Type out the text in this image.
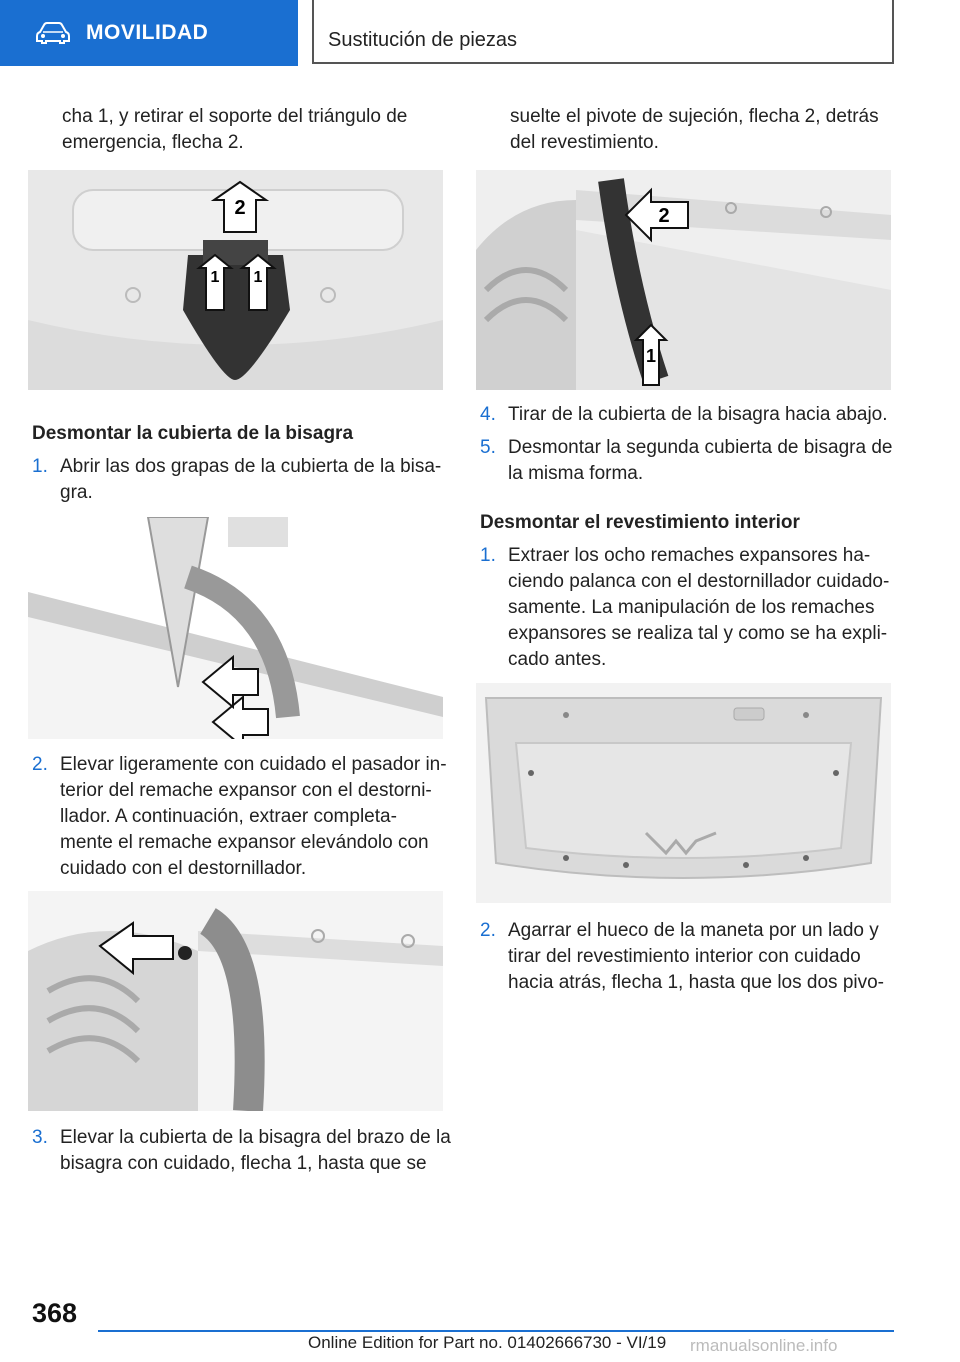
MOVILIDAD	Sustitución de piezas
cha 1, y retirar el soporte del triángulo de
emergencia, flecha 2.
2
1 1
Desmontar la cubierta de la bisagra
1. Abrir las dos grapas de la cubierta de la bisa-
gra.
2. Elevar ligeramente con cuidado el pasador in-
terior del remache expansor con el destorni-
llador. A continuación, extraer completa-
mente el remache expansor elevándolo con
cuidado con el destornillador.
3. Elevar la cubierta de la bisagra del brazo de la
bisagra con cuidado, flecha 1, hasta que se
suelte el pivote de sujeción, flecha 2, detrás
del revestimiento.
2
1
4. Tirar de la cubierta de la bisagra hacia abajo.
5. Desmontar la segunda cubierta de bisagra de
la misma forma.
Desmontar el revestimiento interior
1. Extraer los ocho remaches expansores ha-
ciendo palanca con el destornillador cuidado-
samente. La manipulación de los remaches
expansores se realiza tal y como se ha expli-
cado antes.
2. Agarrar el hueco de la maneta por un lado y
tirar del revestimiento interior con cuidado
hacia atrás, flecha 1, hasta que los dos pivo-
368
Online Edition for Part no. 01402666730 - VI/19 rmanualsonline.info
